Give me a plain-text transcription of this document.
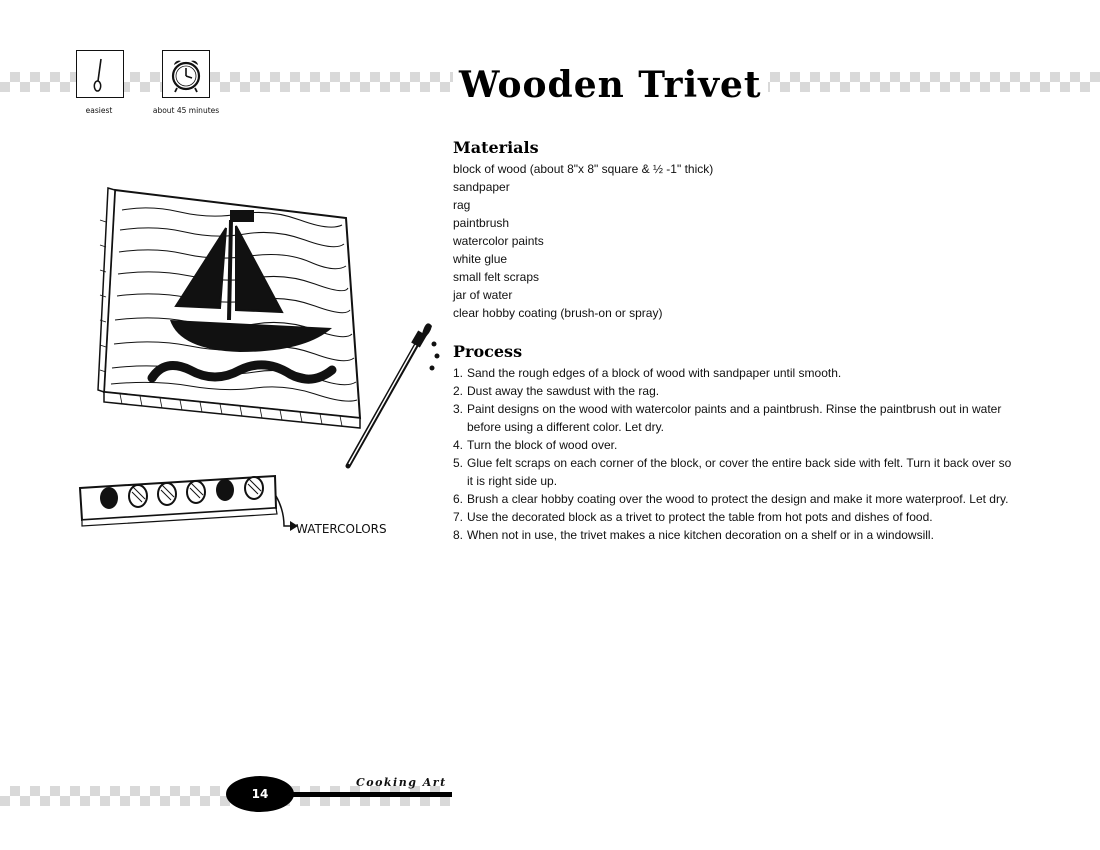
easiest	about 45 minutes
Wooden Trivet
Materials
block of wood (about 8"x 8" square & ½ -1" thick)
sandpaper
rag
paintbrush
watercolor paints
white glue
small felt scraps
jar of water
clear hobby coating (brush-on or spray)
Process
1. Sand the rough edges of a block of wood with sandpaper until smooth.
2. Dust away the sawdust with the rag.
3. Paint designs on the wood with watercolor paints and a paintbrush. Rinse the paintbrush out in water before using a different color. Let dry.
4. Turn the block of wood over.
5. Glue felt scraps on each corner of the block, or cover the entire back side with felt. Turn it back over so it is right side up.
6. Brush a clear hobby coating over the wood to protect the design and make it more waterproof. Let dry.
7. Use the decorated block as a trivet to protect the table from hot pots and dishes of food.
8. When not in use, the trivet makes a nice kitchen decoration on a shelf or in a windowsill.
WATERCOLORS
14
Cooking Art
